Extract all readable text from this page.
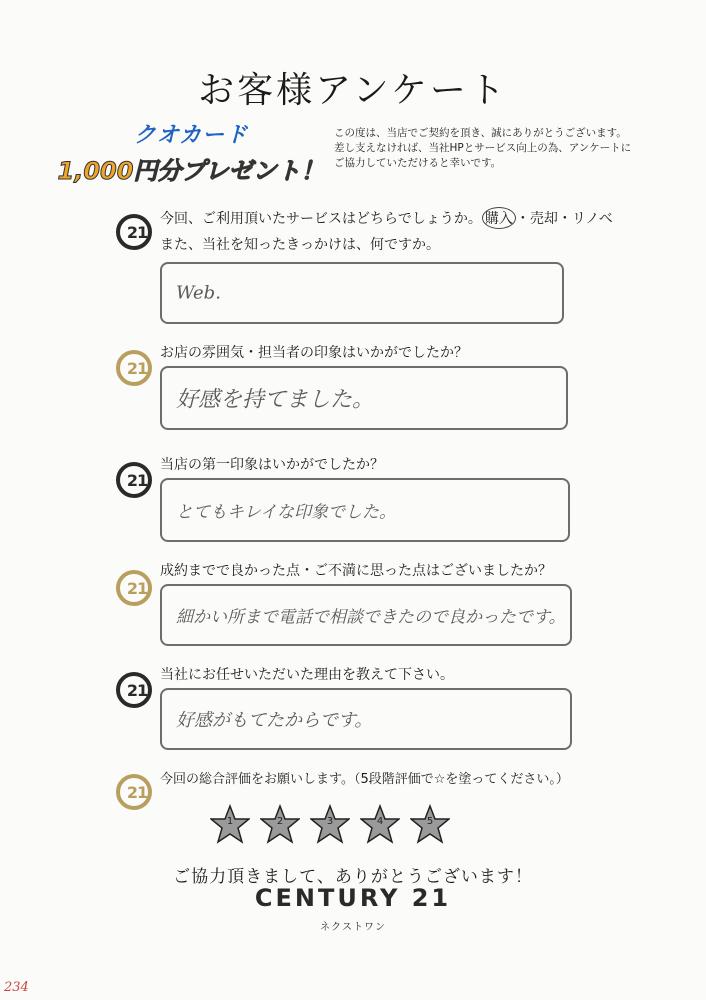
お客様アンケート
クオカード
1,000円分プレゼント！
この度は、当店でご契約を頂き、誠にありがとうございます。
差し支えなければ、当社HPとサービス向上の為、アンケートに
ご協力していただけると幸いです。
21
今回、ご利用頂いたサービスはどちらでしょうか。 購入 ・売却・リノベ
また、当社を知ったきっかけは、何ですか。
Web.
21
お店の雰囲気・担当者の印象はいかがでしたか？
好感を持てました。
21
当店の第一印象はいかがでしたか？
とてもキレイな印象でした。
21
成約までで良かった点・ご不満に思った点はございましたか？
細かい所まで電話で相談できたので良かったです。
21
当社にお任せいただいた理由を教えて下さい。
好感がもてたからです。
21
今回の総合評価をお願いします。（5段階評価で☆を塗ってください。）
1	2	3	4	5
ご協力頂きまして、ありがとうございます！
CENTURY 21
ネクストワン
234
